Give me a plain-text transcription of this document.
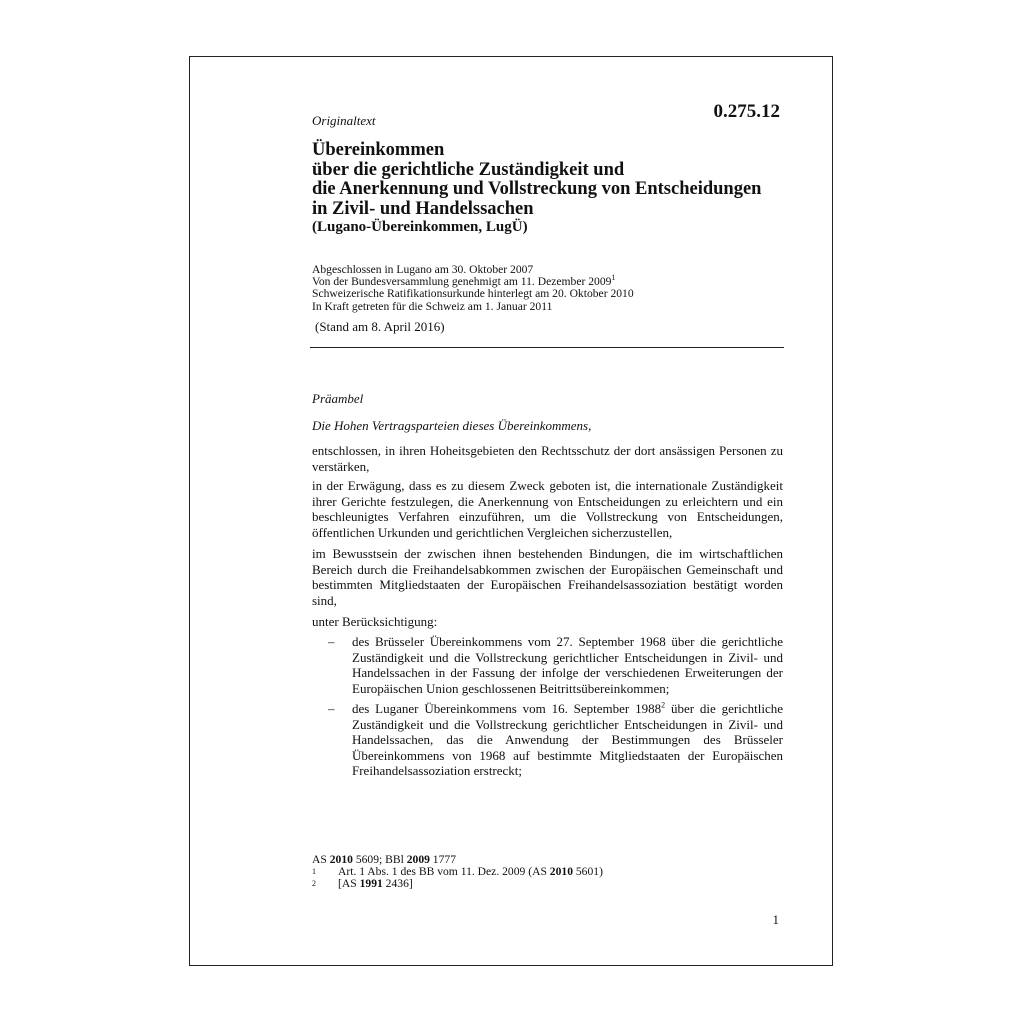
Originaltext	0.275.12
Übereinkommen
über die gerichtliche Zuständigkeit und
die Anerkennung und Vollstreckung von Entscheidungen
in Zivil- und Handelssachen
(Lugano-Übereinkommen, LugÜ)
Abgeschlossen in Lugano am 30. Oktober 2007
Von der Bundesversammlung genehmigt am 11. Dezember 2009$^1$
Schweizerische Ratifikationsurkunde hinterlegt am 20. Oktober 2010
In Kraft getreten für die Schweiz am 1. Januar 2011
(Stand am 8. April 2016)
Präambel
Die Hohen Vertragsparteien dieses Übereinkommens,
entschlossen, in ihren Hoheitsgebieten den Rechtsschutz der dort ansässigen Personen zu verstärken,
in der Erwägung, dass es zu diesem Zweck geboten ist, die internationale Zuständigkeit ihrer Gerichte festzulegen, die Anerkennung von Entscheidungen zu erleichtern und ein beschleunigtes Verfahren einzuführen, um die Vollstreckung von Entscheidungen, öffentlichen Urkunden und gerichtlichen Vergleichen sicherzustellen,
im Bewusstsein der zwischen ihnen bestehenden Bindungen, die im wirtschaftlichen Bereich durch die Freihandelsabkommen zwischen der Europäischen Gemeinschaft und bestimmten Mitgliedstaaten der Europäischen Freihandelsassoziation bestätigt worden sind,
unter Berücksichtigung:
– des Brüsseler Übereinkommens vom 27. September 1968 über die gerichtliche Zuständigkeit und die Vollstreckung gerichtlicher Entscheidungen in Zivil- und Handelssachen in der Fassung der infolge der verschiedenen Erweiterungen der Europäischen Union geschlossenen Beitrittsübereinkommen;
– des Luganer Übereinkommens vom 16. September 1988$^2$ über die gerichtliche Zuständigkeit und die Vollstreckung gerichtlicher Entscheidungen in Zivil- und Handelssachen, das die Anwendung der Bestimmungen des Brüsseler Übereinkommens von 1968 auf bestimmte Mitgliedstaaten der Europäischen Freihandelsassoziation erstreckt;
AS 2010 5609; BBl 2009 1777
1 Art. 1 Abs. 1 des BB vom 11. Dez. 2009 (AS 2010 5601)
2 [AS 1991 2436]
1
